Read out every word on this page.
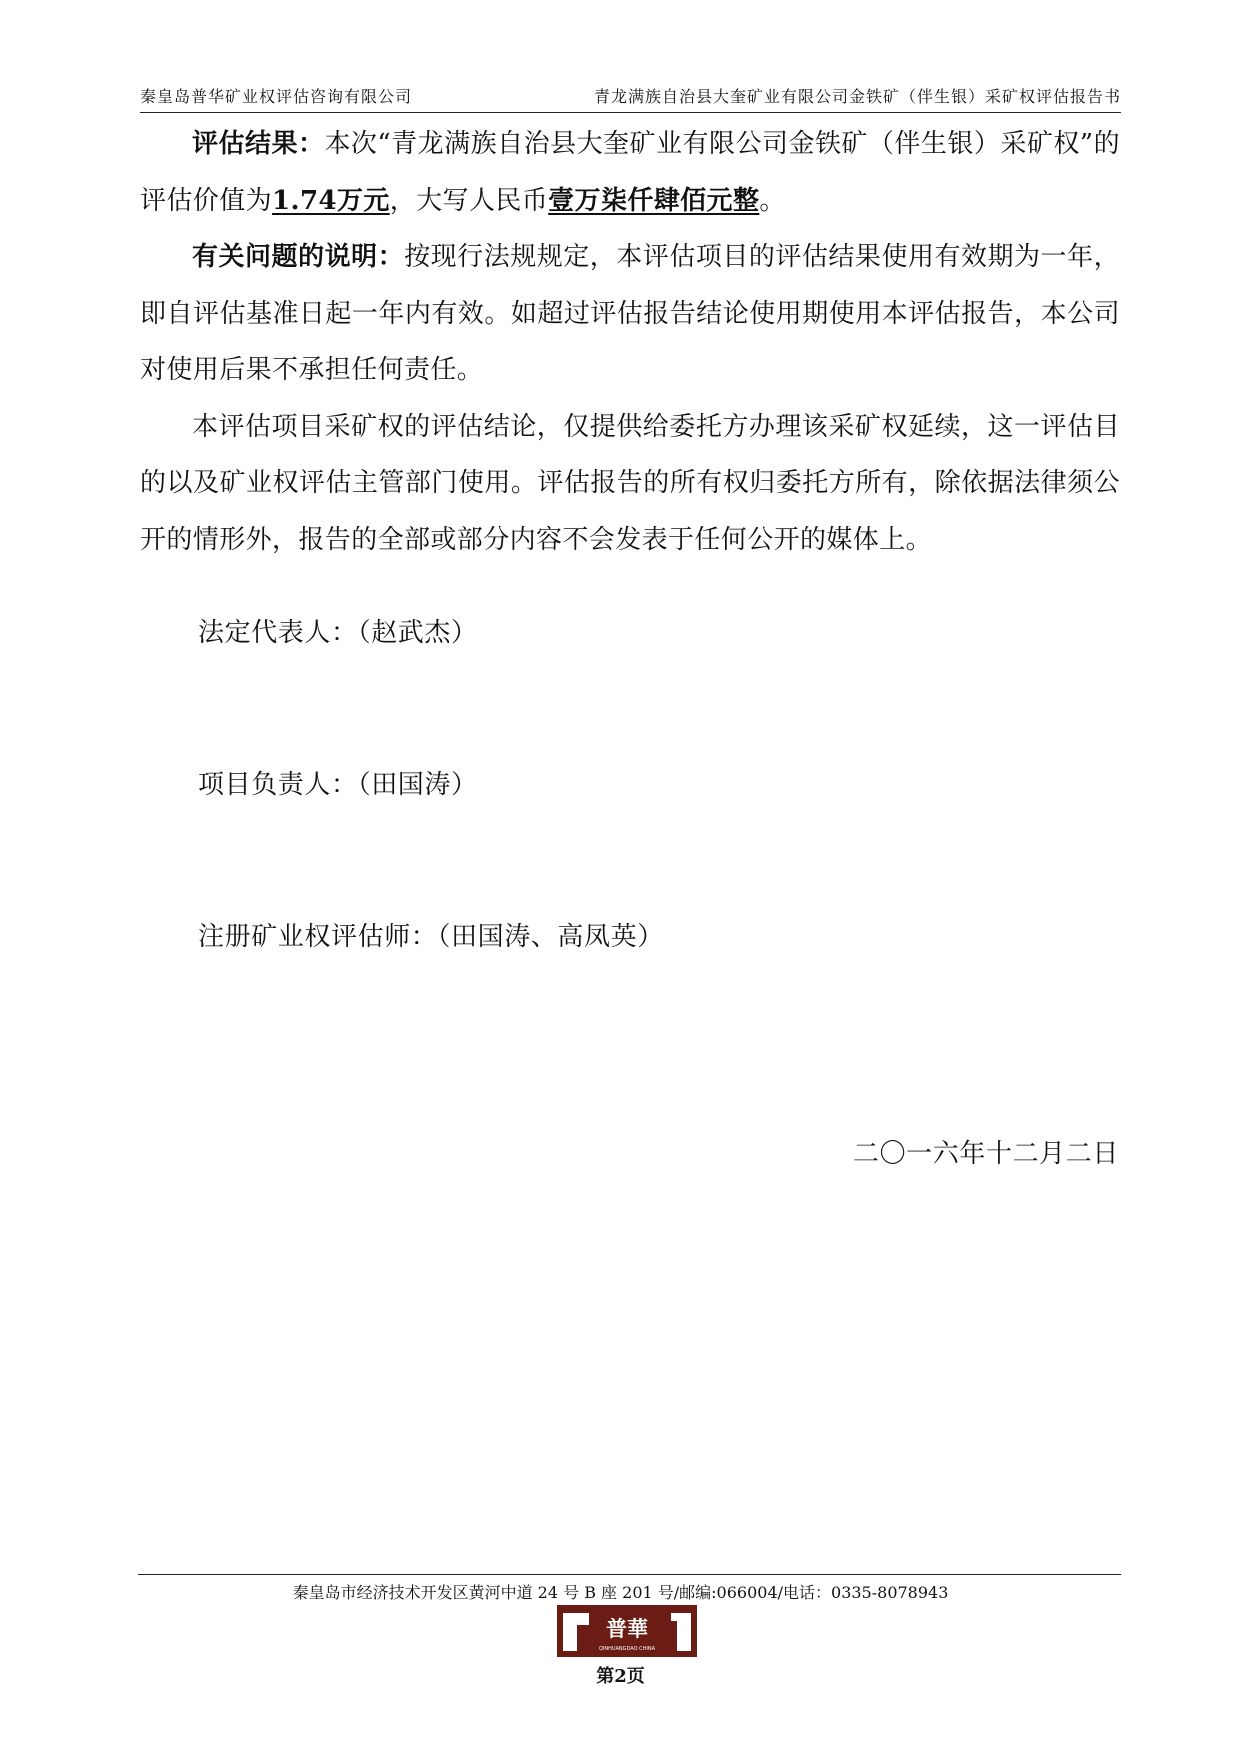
秦皇岛普华矿业权评估咨询有限公司	青龙满族自治县大奎矿业有限公司金铁矿（伴生银）采矿权评估报告书

评估结果：本次“青龙满族自治县大奎矿业有限公司金铁矿（伴生银）采矿权”的评估价值为1.74万元，大写人民币壹万柒仟肆佰元整。

有关问题的说明：按现行法规规定，本评估项目的评估结果使用有效期为一年，即自评估基准日起一年内有效。如超过评估报告结论使用期使用本评估报告，本公司对使用后果不承担任何责任。

本评估项目采矿权的评估结论，仅提供给委托方办理该采矿权延续，这一评估目的以及矿业权评估主管部门使用。评估报告的所有权归委托方所有，除依据法律须公开的情形外，报告的全部或部分内容不会发表于任何公开的媒体上。

法定代表人：（赵武杰）
项目负责人：（田国涛）
注册矿业权评估师：（田国涛、高凤英）
二〇一六年十二月二日
秦皇岛市经济技术开发区黄河中道 24 号 B 座 201 号/邮编:066004/电话：0335-8078943
普華
QINHUANGDAO CHINA
第2页
